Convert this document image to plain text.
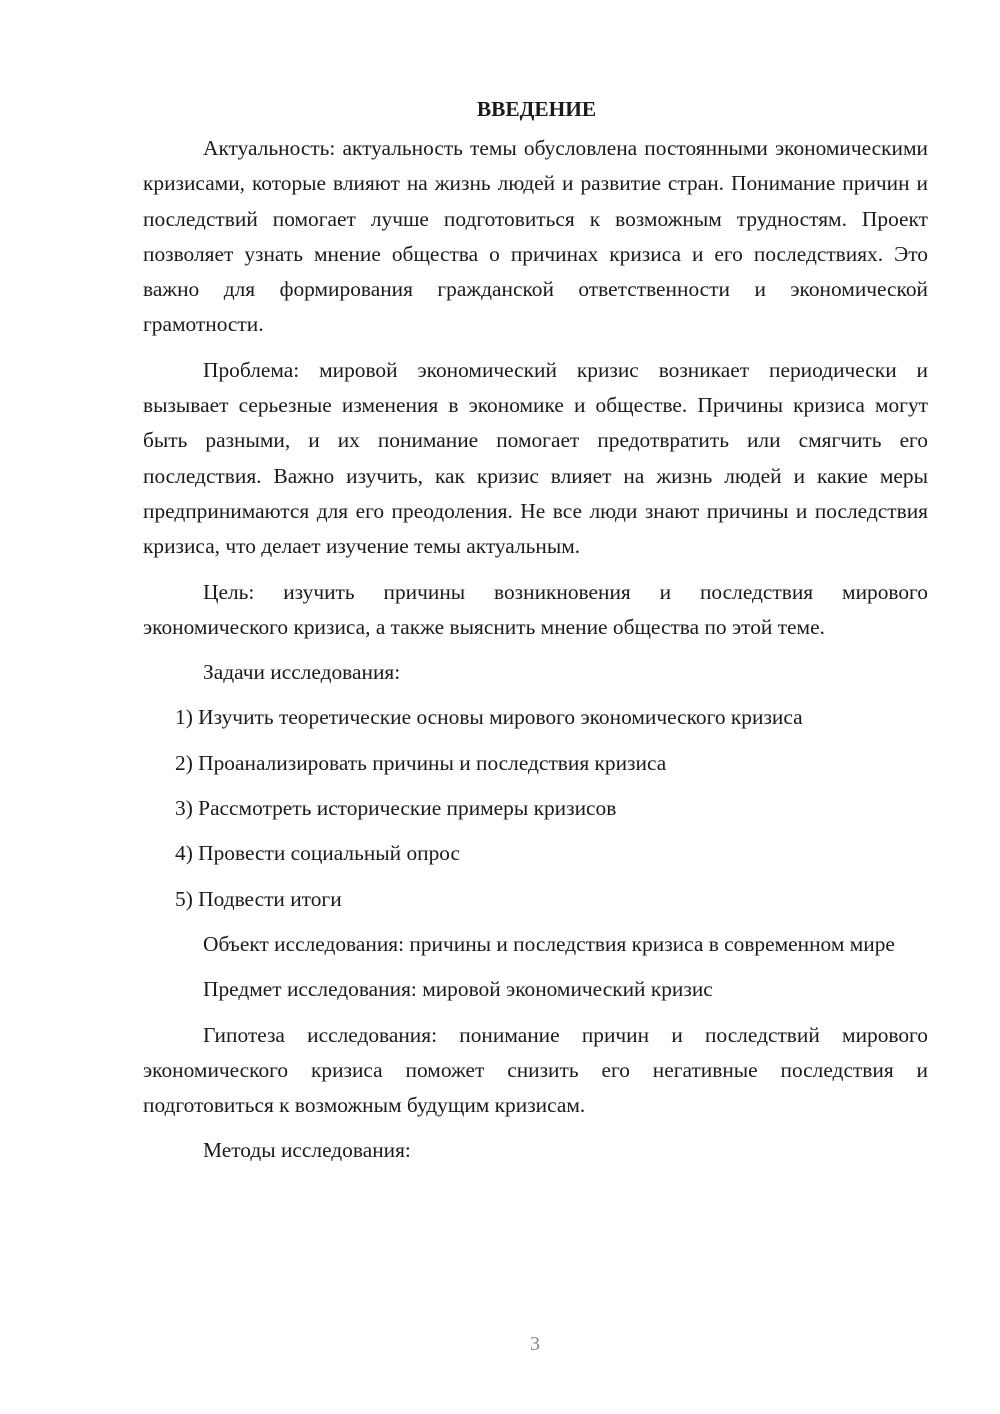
ВВЕДЕНИЕ

Актуальность: актуальность темы обусловлена постоянными экономическими кризисами, которые влияют на жизнь людей и развитие стран. Понимание причин и последствий помогает лучше подготовиться к возможным трудностям. Проект позволяет узнать мнение общества о причинах кризиса и его последствиях. Это важно для формирования гражданской ответственности и экономической грамотности.

Проблема: мировой экономический кризис возникает периодически и вызывает серьезные изменения в экономике и обществе. Причины кризиса могут быть разными, и их понимание помогает предотвратить или смягчить его последствия. Важно изучить, как кризис влияет на жизнь людей и какие меры предпринимаются для его преодоления. Не все люди знают причины и последствия кризиса, что делает изучение темы актуальным.

Цель: изучить причины возникновения и последствия мирового экономического кризиса, а также выяснить мнение общества по этой теме.

Задачи исследования:
1) Изучить теоретические основы мирового экономического кризиса
2) Проанализировать причины и последствия кризиса
3) Рассмотреть исторические примеры кризисов
4) Провести социальный опрос
5) Подвести итоги

Объект исследования: причины и последствия кризиса в современном мире

Предмет исследования: мировой экономический кризис

Гипотеза исследования: понимание причин и последствий мирового экономического кризиса поможет снизить его негативные последствия и подготовиться к возможным будущим кризисам.

Методы исследования:
3
